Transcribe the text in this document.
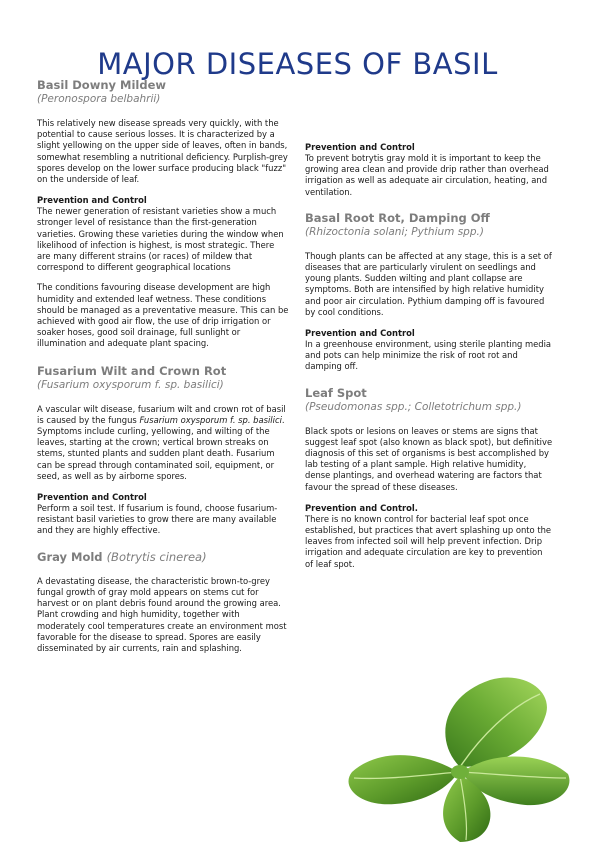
MAJOR DISEASES OF BASIL
Basil Downy Mildew
(Peronospora belbahrii)

This relatively new disease spreads very quickly, with the potential to cause serious losses. It is characterized by a slight yellowing on the upper side of leaves, often in bands, somewhat resembling a nutritional deficiency. Purplish-grey spores develop on the lower surface producing black "fuzz" on the underside of leaf.

Prevention and Control

The newer generation of resistant varieties show a much stronger level of resistance than the first-generation varieties. Growing these varieties during the window when likelihood of infection is highest, is most strategic. There are many different strains (or races) of mildew that correspond to different geographical locations

The conditions favouring disease development are high humidity and extended leaf wetness. These conditions should be managed as a preventative measure. This can be achieved with good air flow, the use of drip irrigation or soaker hoses, good soil drainage, full sunlight or illumination and adequate plant spacing.

Fusarium Wilt and Crown Rot
(Fusarium oxysporum f. sp. basilici)

A vascular wilt disease, fusarium wilt and crown rot of basil is caused by the fungus Fusarium oxysporum f. sp. basilici. Symptoms include curling, yellowing, and wilting of the leaves, starting at the crown; vertical brown streaks on stems, stunted plants and sudden plant death. Fusarium can be spread through contaminated soil, equipment, or seed, as well as by airborne spores.

Prevention and Control

Perform a soil test. If fusarium is found, choose fusarium-resistant basil varieties to grow there are many available and they are highly effective.

Gray Mold (Botrytis cinerea)

A devastating disease, the characteristic brown-to-grey fungal growth of gray mold appears on stems cut for harvest or on plant debris found around the growing area. Plant crowding and high humidity, together with moderately cool temperatures create an environment most favorable for the disease to spread. Spores are easily disseminated by air currents, rain and splashing.

Prevention and Control

To prevent botrytis gray mold it is important to keep the growing area clean and provide drip rather than overhead irrigation as well as adequate air circulation, heating, and ventilation.

Basal Root Rot, Damping Off
(Rhizoctonia solani; Pythium spp.)

Though plants can be affected at any stage, this is a set of diseases that are particularly virulent on seedlings and young plants. Sudden wilting and plant collapse are symptoms. Both are intensified by high relative humidity and poor air circulation. Pythium damping off is favoured by cool conditions.

Prevention and Control

In a greenhouse environment, using sterile planting media and pots can help minimize the risk of root rot and damping off.

Leaf Spot
(Pseudomonas spp.; Colletotrichum spp.)

Black spots or lesions on leaves or stems are signs that suggest leaf spot (also known as black spot), but definitive diagnosis of this set of organisms is best accomplished by lab testing of a plant sample. High relative humidity, dense plantings, and overhead watering are factors that favour the spread of these diseases.

Prevention and Control.

There is no known control for bacterial leaf spot once established, but practices that avert splashing up onto the leaves from infected soil will help prevent infection. Drip irrigation and adequate circulation are key to prevention of leaf spot.
